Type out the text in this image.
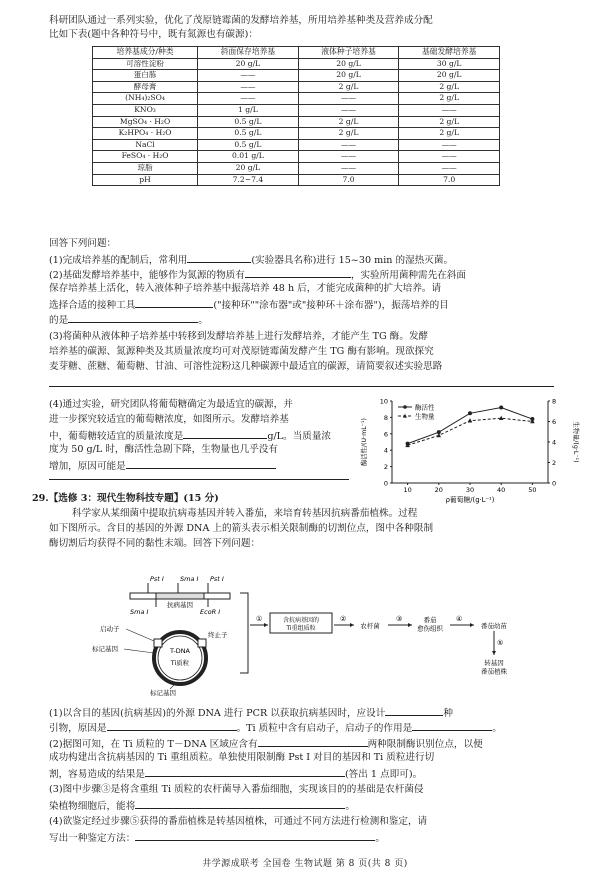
科研团队通过一系列实验，优化了茂原链霉菌的发酵培养基，所用培养基种类及营养成分配
比如下表(题中各种符号中，既有氮源也有碳源)：
培养基成分/种类	斜面保存培养基	液体种子培养基	基础发酵培养基
可溶性淀粉	20 g/L	20 g/L	30 g/L
蛋白胨	——	20 g/L	20 g/L
酵母膏	——	2 g/L	2 g/L
(NH₄)₂SO₄	——	——	2 g/L
KNO₃	1 g/L	——	——
MgSO₄ · H₂O	0.5 g/L	2 g/L	2 g/L
K₂HPO₄ · H₂O	0.5 g/L	2 g/L	2 g/L
NaCl	0.5 g/L	——	——
FeSO₄ · H₂O	0.01 g/L	——	——
琼脂	20 g/L	——	——
pH	7.2~7.4	7.0	7.0
回答下列问题：
(1)完成培养基的配制后，常利用	(实验器具名称)进行 15~30 min 的湿热灭菌。
(2)基础发酵培养基中，能够作为氮源的物质有	，实验所用菌种需先在斜面
保存培养基上活化，转入液体种子培养基中振荡培养 48 h 后，才能完成菌种的扩大培养。请
选择合适的接种工具	("接种环""涂布器"或"接种环＋涂布器")，振荡培养的目
的是	。
(3)将菌种从液体种子培养基中转移到发酵培养基上进行发酵培养，才能产生 TG 酶。发酵
培养基的碳源、氮源种类及其质量浓度均可对茂原链霉菌发酵产生 TG 酶有影响。现欲探究
麦芽糖、蔗糖、葡萄糖、甘油、可溶性淀粉这几种碳源中最适宜的碳源，请简要叙述实验思路
(4)通过实验，研究团队将葡萄糖确定为最适宜的碳源，并
进一步探究较适宜的葡萄糖浓度，如图所示。发酵培养基
中，葡萄糖较适宜的质量浓度是	g/L。当质量浓
度为 50 g/L 时，酶活性急剧下降，生物量也几乎没有
增加，原因可能是
0
2
4
6
8
10
0
2
4
6
8
10	20	30	40	50
ρ葡萄糖/(g·L⁻¹)
酶活性/(U·mL⁻¹)	生物量/(g·L⁻¹)
酶活性
生物量
29.【选修 3：现代生物科技专题】(15 分)
科学家从某细菌中提取抗病毒基因并转入番茄，来培育转基因抗病番茄植株。过程
如下图所示。含目的基因的外源 DNA 上的箭头表示相关限制酶的切割位点，图中各种限制
酶切割后均获得不同的黏性末端。回答下列问题：
抗病基因
Pst I Sma I Pst I
Sma I	EcoR I
T-DNA
Ti质粒
启动子
终止子
标记基因
标记基因
①	含抗病基因的
Ti重组质粒
②
农杆菌
③	番茄
愈伤组织
④
番茄幼苗
⑤
转基因
番茄植株
(1)以含目的基因(抗病基因)的外源 DNA 进行 PCR 以获取抗病基因时，应设计	种
引物，原因是	。Ti 质粒中含有启动子，启动子的作用是	。
(2)据图可知，在 Ti 质粒的 T－DNA 区域应含有	两种限制酶识别位点，以便
成功构建出含抗病基因的 Ti 重组质粒。单独使用限制酶 Pst I 对目的基因和 Ti 质粒进行切
割，容易造成的结果是	(答出 1 点即可)。
(3)图中步骤③是将含重组 Ti 质粒的农杆菌导入番茄细胞，实现该目的的基础是农杆菌侵
染植物细胞后，能将	。
(4)欲鉴定经过步骤⑤获得的番茄植株是转基因植株，可通过不同方法进行检测和鉴定，请
写出一种鉴定方法：	。
井学源成联考 全国卷 生物试题 第 8 页(共 8 页)
